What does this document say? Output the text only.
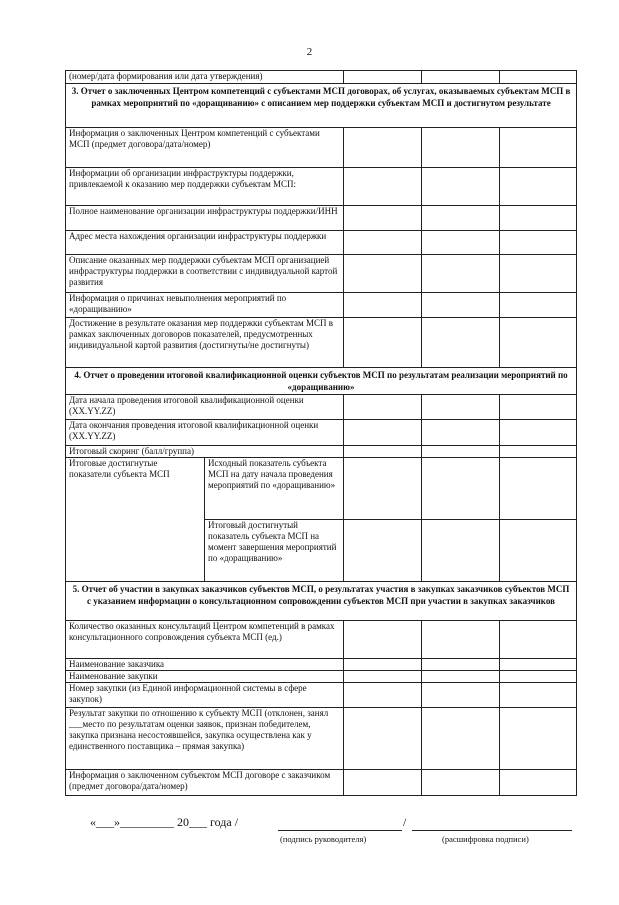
2
(номер/дата формирования или дата утверждения)				
3. Отчет о заключенных Центром компетенций с субъектами МСП договорах, об услугах, оказываемых субъектам МСП в рамках мероприятий по «доращиванию» с описанием мер поддержки субъектам МСП и достигнутом результате				
Информация о заключенных Центром компетенций с субъектами МСП (предмет договора/дата/номер)				
Информации об организации инфраструктуры поддержки, привлекаемой к оказанию мер поддержки субъектам МСП:				
Полное наименование организации инфраструктуры поддержки/ИНН				
Адрес места нахождения организации инфраструктуры поддержки				
Описание оказанных мер поддержки субъектам МСП организацией инфраструктуры поддержки в соответствии с индивидуальной картой развития				
Информация о причинах невыполнения мероприятий по «доращиванию»				
Достижение в результате оказания мер поддержки субъектам МСП в рамках заключенных договоров показателей, предусмотренных индивидуальной картой развития (достигнуты/не достигнуты)				
4. Отчет о проведении итоговой квалификационной оценки субъектов МСП по результатам реализации мероприятий по «доращиванию»				
Дата начала проведения итоговой квалификационной оценки (XX.YY.ZZ)				
Дата окончания проведения итоговой квалификационной оценки (XX.YY.ZZ)				
Итоговый скоринг (балл/группа)				
Итоговые достигнутые показатели субъекта МСП	Исходный показатель субъекта МСП на дату начала проведения мероприятий по «доращиванию»			
	Итоговый достигнутый показатель субъекта МСП на момент завершения мероприятий по «доращиванию»			
5. Отчет об участии в закупках заказчиков субъектов МСП, о результатах участия в закупках заказчиков субъектов МСП с указанием информации о консультационном сопровождении субъектов МСП при участии в закупках заказчиков				
Количество оказанных консультаций Центром компетенций в рамках консультационного сопровождения субъекта МСП (ед.)				
Наименование заказчика				
Наименование закупки				
Номер закупки (из Единой информационной системы в сфере закупок)				
Результат закупки по отношению к субъекту МСП (отклонен, занял ___место по результатам оценки заявок, признан победителем, закупка признана несостоявшейся, закупка осуществлена как у единственного поставщика – прямая закупка)				
Информация о заключенном субъектом МСП договоре с заказчиком (предмет договора/дата/номер)				
«___»_________ 20___ года /	/
(подпись руководителя)	(расшифровка подписи)
